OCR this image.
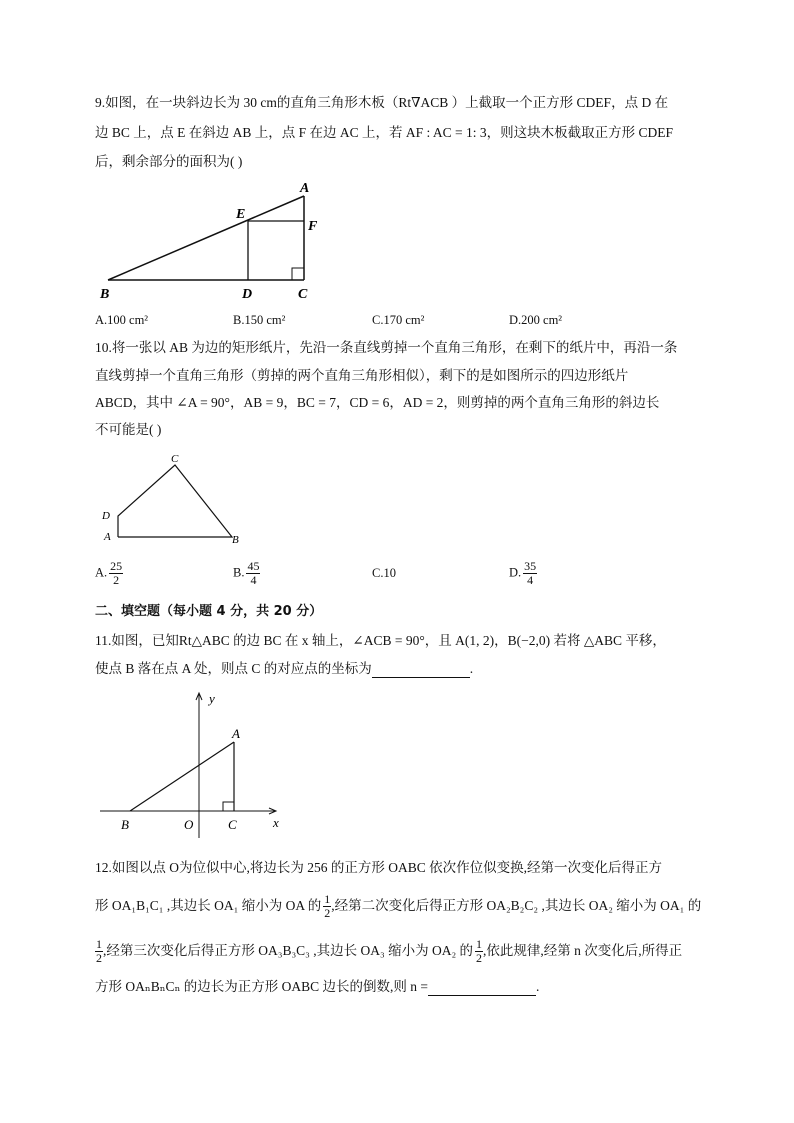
9.如图，在一块斜边长为 30 cm的直角三角形木板（Rt∇ACB ）上截取一个正方形 CDEF，点 D 在
边 BC 上，点 E 在斜边 AB 上，点 F 在边 AC 上，若 AF : AC = 1: 3，则这块木板截取正方形 CDEF
后，剩余部分的面积为( )
A
E
F
B	D	C
A.100 cm²	B.150 cm²	C.170 cm²	D.200 cm²
10.将一张以 AB 为边的矩形纸片，先沿一条直线剪掉一个直角三角形，在剩下的纸片中，再沿一条
直线剪掉一个直角三角形（剪掉的两个直角三角形相似），剩下的是如图所示的四边形纸片
ABCD，其中 ∠A = 90°，AB = 9，BC = 7，CD = 6，AD = 2，则剪掉的两个直角三角形的斜边长
不可能是( )
C
D
A	B
A. $\frac{25}{2}$	B. $\frac{45}{4}$	C.10	D. $\frac{35}{4}$
二、填空题（每小题 4 分，共 20 分）
11.如图，已知Rt△ABC 的边 BC 在 x 轴上，∠ACB = 90°，且 A(1, 2)，B(−2,0) 若将 △ABC 平移，
使点 B 落在点 A 处，则点 C 的对应点的坐标为	.
y
A
B	O	C	x
12.如图以点 O为位似中心,将边长为 256 的正方形 OABC 依次作位似变换,经第一次变化后得正方
形 OA₁B₁C₁ ,其边长 OA₁ 缩小为 OA 的 $\frac{1}{2}$ ,经第二次变化后得正方形 OA₂B₂C₂ ,其边长 OA₂ 缩小为 OA₁ 的
$\frac{1}{2}$ ,经第三次变化后得正方形 OA₃B₃C₃ ,其边长 OA₃ 缩小为 OA₂ 的 $\frac{1}{2}$ ,依此规律,经第 n 次变化后,所得正
方形 OAₙBₙCₙ 的边长为正方形 OABC 边长的倒数,则 n =	.
